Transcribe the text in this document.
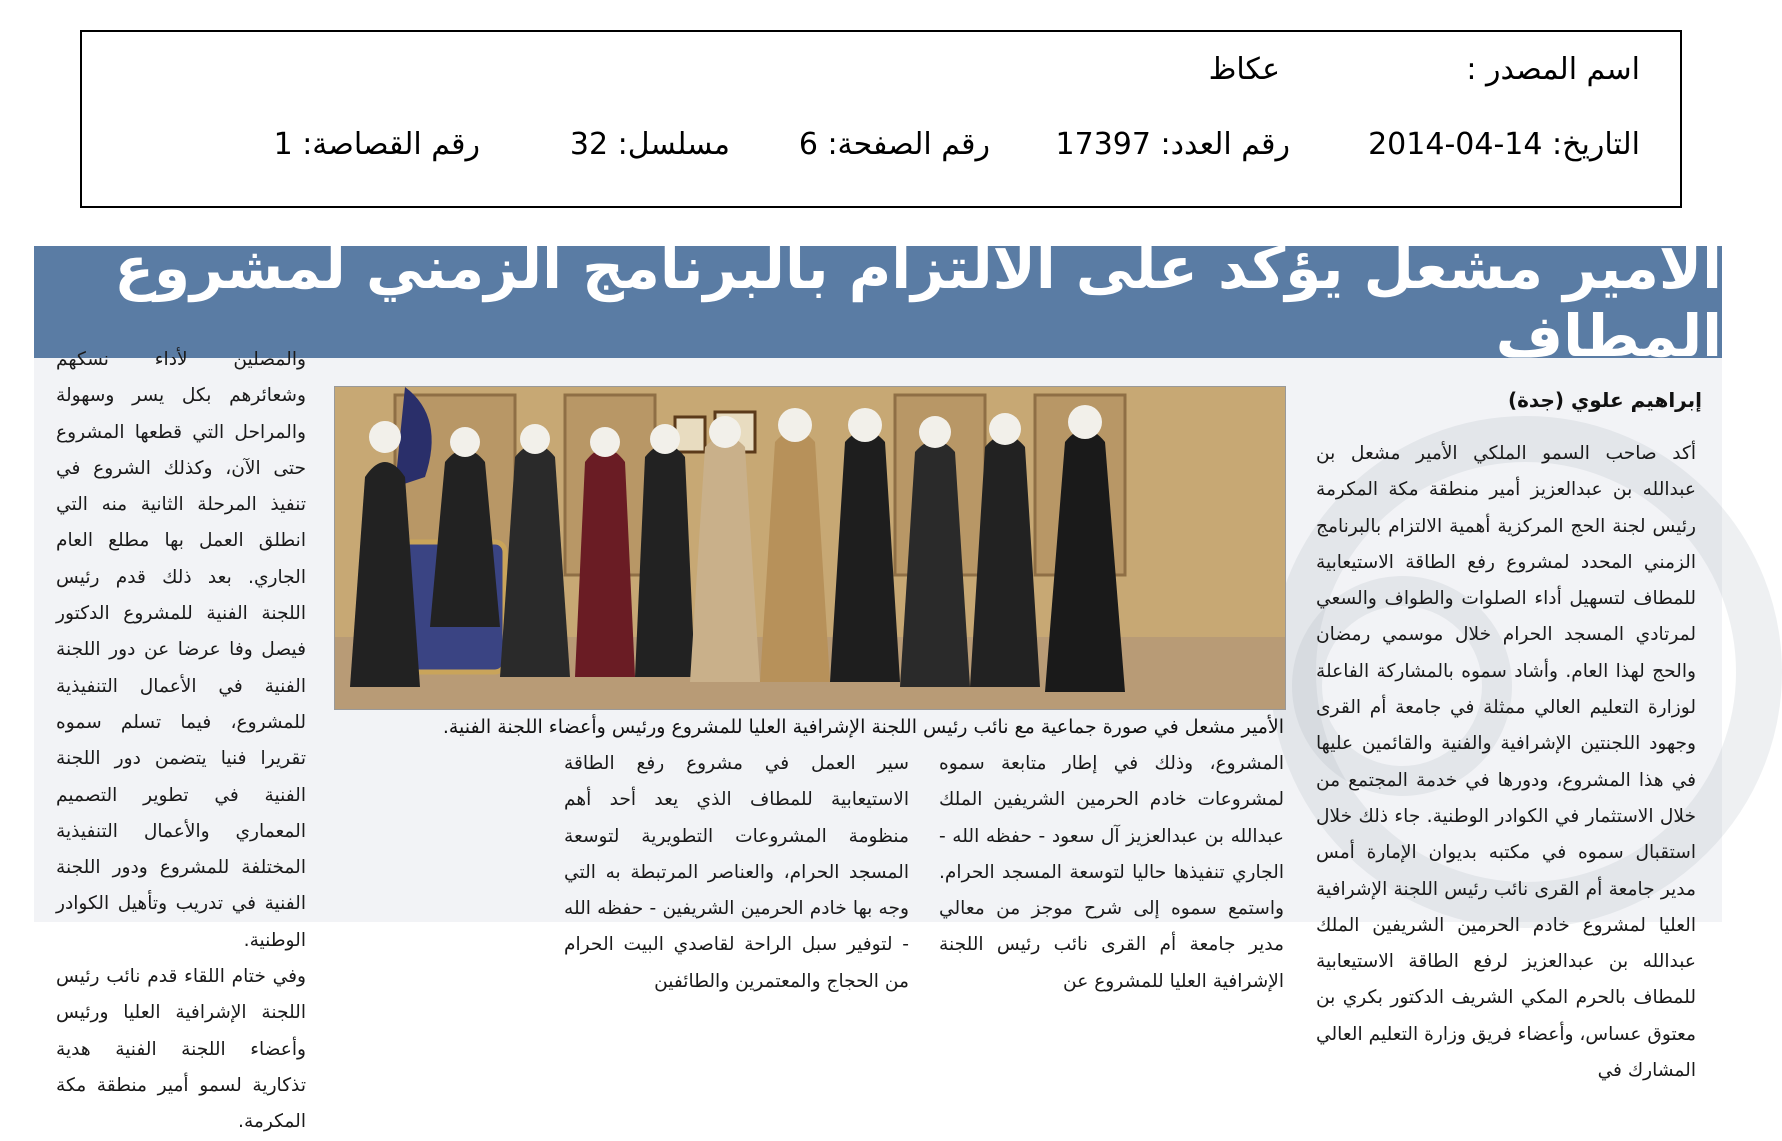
اسم المصدر :
عكاظ
التاريخ: 14-04-2014
رقم العدد: 17397
رقم الصفحة: 6
مسلسل: 32
رقم القصاصة: 1
الأمير مشعل يؤكد على الالتزام بالبرنامج الزمني لمشروع المطاف
إبراهيم علوي (جدة)

أكد صاحب السمو الملكي الأمير مشعل بن عبدالله بن عبدالعزيز أمير منطقة مكة المكرمة رئيس لجنة الحج المركزية أهمية الالتزام بالبرنامج الزمني المحدد لمشروع رفع الطاقة الاستيعابية للمطاف لتسهيل أداء الصلوات والطواف والسعي لمرتادي المسجد الحرام خلال موسمي رمضان والحج لهذا العام. وأشاد سموه بالمشاركة الفاعلة لوزارة التعليم العالي ممثلة في جامعة أم القرى وجهود اللجنتين الإشرافية والفنية والقائمين عليها في هذا المشروع، ودورها في خدمة المجتمع من خلال الاستثمار في الكوادر الوطنية. جاء ذلك خلال استقبال سموه في مكتبه بديوان الإمارة أمس مدير جامعة أم القرى نائب رئيس اللجنة الإشرافية العليا لمشروع خادم الحرمين الشريفين الملك عبدالله بن عبدالعزيز لرفع الطاقة الاستيعابية للمطاف بالحرم المكي الشريف الدكتور بكري بن معتوق عساس، وأعضاء فريق وزارة التعليم العالي المشارك في

الأمير مشعل في صورة جماعية مع نائب رئيس اللجنة الإشرافية العليا للمشروع ورئيس وأعضاء اللجنة الفنية.

المشروع، وذلك في إطار متابعة سموه لمشروعات خادم الحرمين الشريفين الملك عبدالله بن عبدالعزيز آل سعود - حفظه الله - الجاري تنفيذها حاليا لتوسعة المسجد الحرام. واستمع سموه إلى شرح موجز من معالي مدير جامعة أم القرى نائب رئيس اللجنة الإشرافية العليا للمشروع عن

سير العمل في مشروع رفع الطاقة الاستيعابية للمطاف الذي يعد أحد أهم منظومة المشروعات التطويرية لتوسعة المسجد الحرام، والعناصر المرتبطة به التي وجه بها خادم الحرمين الشريفين - حفظه الله - لتوفير سبل الراحة لقاصدي البيت الحرام من الحجاج والمعتمرين والطائفين

والمصلين لأداء نسكهم وشعائرهم بكل يسر وسهولة والمراحل التي قطعها المشروع حتى الآن، وكذلك الشروع في تنفيذ المرحلة الثانية منه التي انطلق العمل بها مطلع العام الجاري. بعد ذلك قدم رئيس اللجنة الفنية للمشروع الدكتور فيصل وفا عرضا عن دور اللجنة الفنية في الأعمال التنفيذية للمشروع، فيما تسلم سموه تقريرا فنيا يتضمن دور اللجنة الفنية في تطوير التصميم المعماري والأعمال التنفيذية المختلفة للمشروع ودور اللجنة الفنية في تدريب وتأهيل الكوادر الوطنية.

وفي ختام اللقاء قدم نائب رئيس اللجنة الإشرافية العليا ورئيس وأعضاء اللجنة الفنية هدية تذكارية لسمو أمير منطقة مكة المكرمة.
